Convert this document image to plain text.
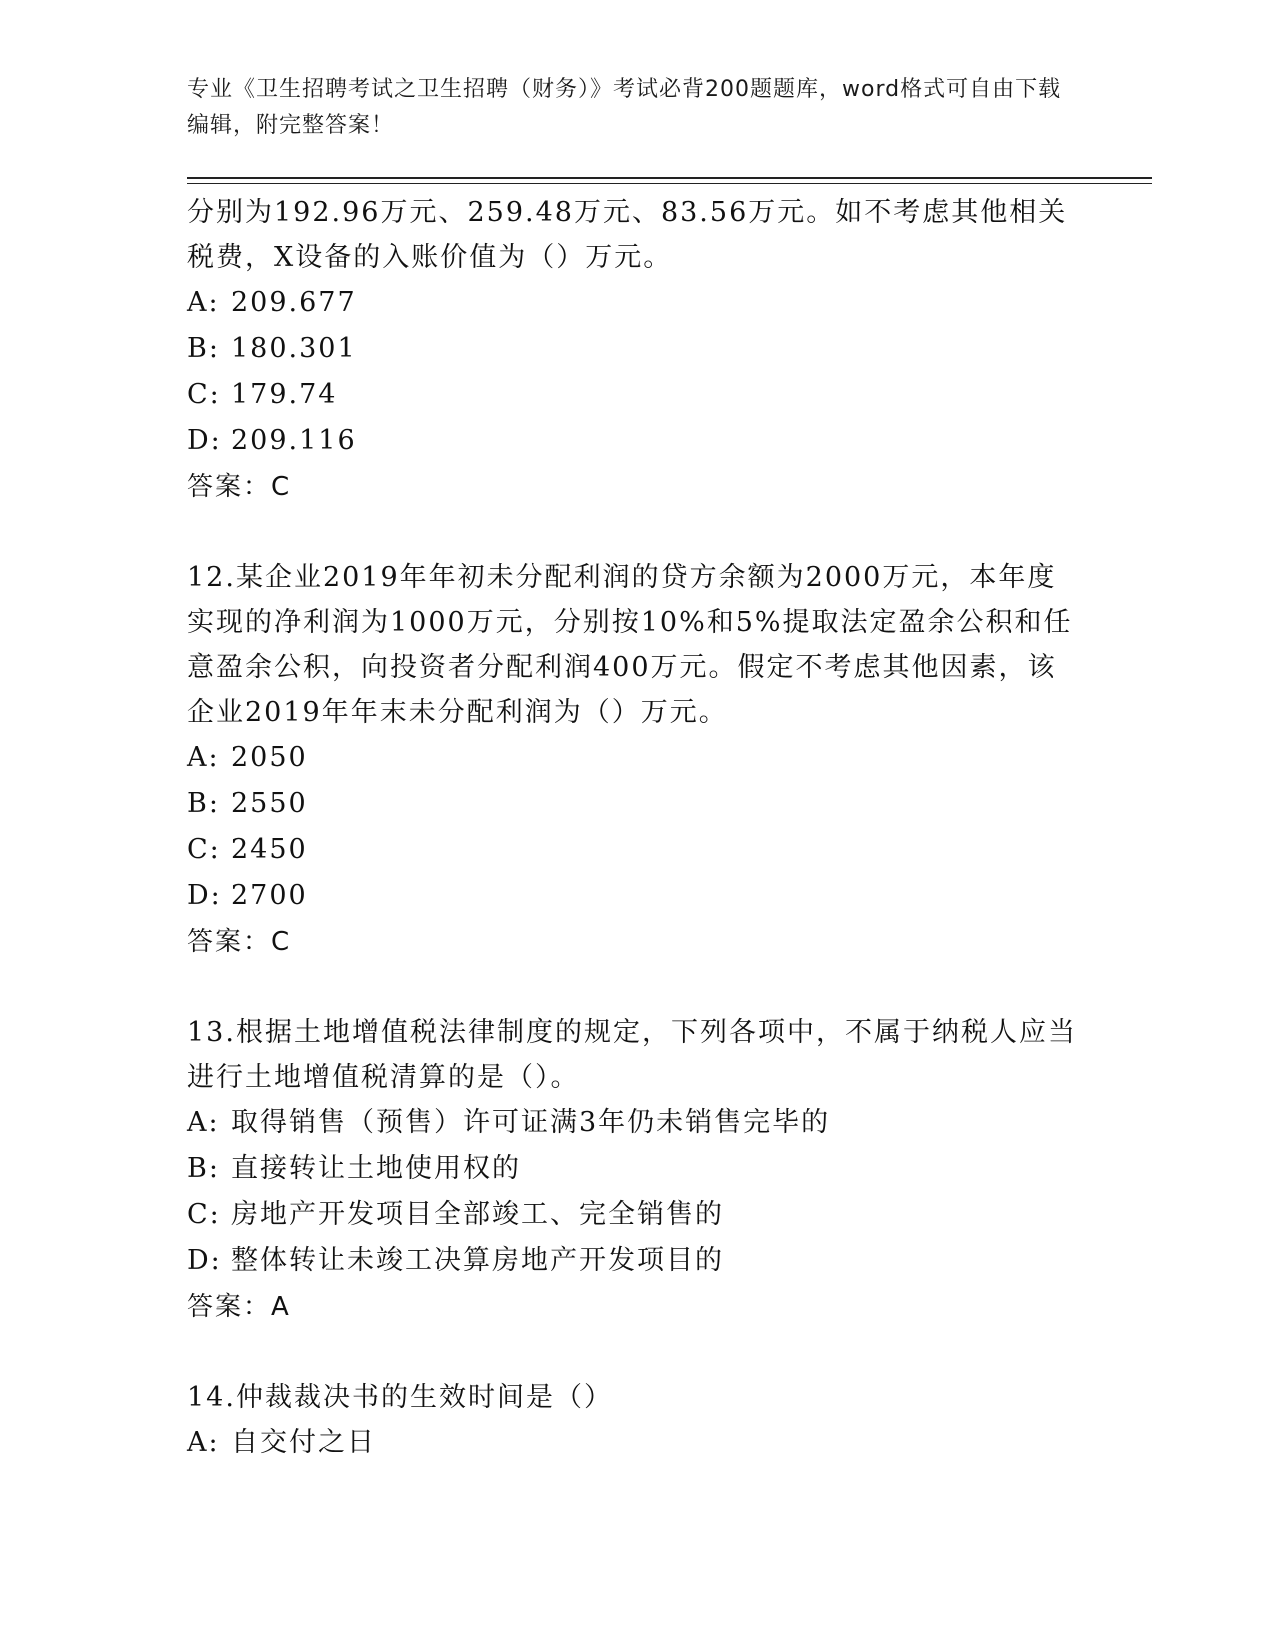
专业《卫生招聘考试之卫生招聘（财务）》考试必背200题题库，word格式可自由下载编辑，附完整答案！

分别为192.96万元、259.48万元、83.56万元。如不考虑其他相关税费，X设备的入账价值为（）万元。

A: 209.677

B: 180.301

C: 179.74

D: 209.116

答案：C

12.某企业2019年年初未分配利润的贷方余额为2000万元，本年度实现的净利润为1000万元，分别按10%和5%提取法定盈余公积和任意盈余公积，向投资者分配利润400万元。假定不考虑其他因素，该企业2019年年末未分配利润为（）万元。

A: 2050

B: 2550

C: 2450

D: 2700

答案：C

13.根据土地增值税法律制度的规定，下列各项中，不属于纳税人应当进行土地增值税清算的是（）。

A: 取得销售（预售）许可证满3年仍未销售完毕的

B: 直接转让土地使用权的

C: 房地产开发项目全部竣工、完全销售的

D: 整体转让未竣工决算房地产开发项目的

答案：A

14.仲裁裁决书的生效时间是（）

A: 自交付之日
